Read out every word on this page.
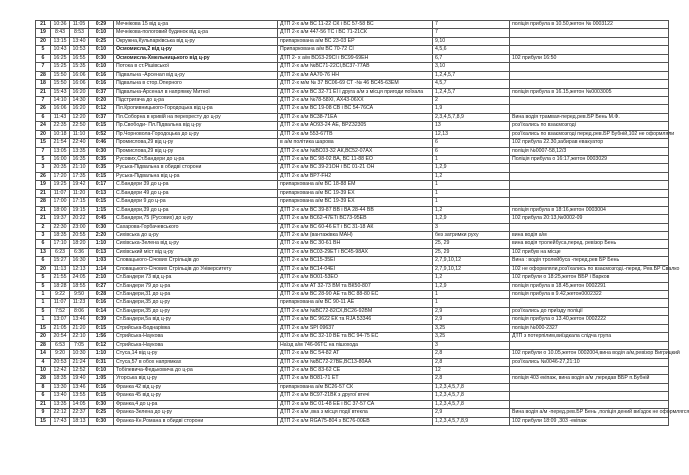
21	10:36	11:05	0:29	Мечнікова 15 від ц-ра	ДТП 2-х а/м ВС 11-22 СК і ВС 57-58 ВС	7	поліція прибула в 10.50,жетон № 0003122
19	8:43	8:53	0:10	Мечнікова-пологовий будинок від ц-ра	ДТП 2-х а/м 447-56 ТС і ВС 71-21СК	7	
20	13:15	13:40	0:25	Окружна,Кульпарківська від ц-ру	припаркована а/м ВС 23-03 ЕР	9,10	
5	10:43	10:53	0:10	Осмомисла,2 від ц-ру	Припаркована а/м ВС 70-72 СІ	4,5,6	
6	16:25	16:55	0:30	Осмомисла-Хмельницького від ц-ру	ДТП 2- х а/м ВС63-29СІ і ВС99-69ЕН	6,7	102 прибули 16:50
7	15:25	15:35	0:10	Потока в ст.Рішівської	ДТП 2-х а/м №ВС71-22СІ,ВС37-77АВ	3,10	
28	15:50	16:06	0:16	Підвальна -Арсенал від ц-ру	ДТП 2-х а/м АА70-76 НН	1,2,4,5,7	
18	15:50	16:06	0:16	Підвальна в стор.Оперного	ДТП 2-х м/м № 37 ВС06-69 СТ -№ 46 ВС45-63ЕМ	4,5,7	
21	15:43	16:20	0:37	Підвальна-Арсенал в напрямку Митної	ДТП 2-х а/м ВС 32-71 ЕІ і друга а/м з місця пригоди поїхала	1,2,4,5,7	поліція прибула в 16.15,жетон №0003005
7	14:10	14:30	0:20	Підстригача до ц-ра	ДТП 2-х а/м №78-58ХІ, АХ43-06ХХ	2	
26	16:06	16:20	0:12	Пл.Кропивницького-Городоцька від ц-ра	ДТП 2-х а/м ВС 19-08 СВ і ВС 54-76СА	1,9	
6	11:43	12:20	0:37	Пл.Соборна в кривій на перехресту до ц-ру	ДТП 2-х а/м ВС38-71ЕА	2,3,4,5,7,8,9	Вина водія трамвая-перед.рев.БР Бень М.Ф.
24	22:35	22:50	0:15	Пр.Свободи- Пл.Підвальна від ц-ру	ДТП 2-х а/м АО93-24 АЕ, ВРZ32305	13	роз'їхались по взаємозгоді
20	10:18	11:10	0:52	Пр.Чорновола-Городоцька до ц-ру	ДТП 2-х а/м 553-67ТВ	12,13	роз'їхались по взаємозгоді перед.рев.БР Бубній,102 не оформляли
15	21:54	22:40	0:46	Промислова,29 від ц-ру	в а/м політика шарова	6	102 прибула 22.30,забирав евакуатор
7	13:05	13:35	0:30	Промислова,29 від ц-ру	ДТП 2-х а/м №ВС03-32 АК,ВС52-07АХ	6	поліція №0007-58,12/3
5	16:00	16:35	0:35	Русових,Ст.Бандери до ц-ра	ДТП 2-х а/м ВС 98-02 ВА, ВС 11-88 ЕО	1	Поліція прибула о 16:17,жетон 0003029
3	20:35	21:10	0:35	Руська-Підвальна в обидві сторони	ДТП 2-х а/м ВС 39-21ОН і ВС 01-21 ОН	1,2,9	
26	17:20	17:35	0:15	Руська-Підвальна від ц-ра	ДТП 2-х а/м ВР7-FH2	1,2	
19	19:25	19:42	0:17	С.Бандери 39 до ц-ра	припаркована а/м ВС 18-88 ЕМ	1	
21	11:07	11:20	0:13	С.Бандери 49 до ц-ра	припаркована а/м ВС 19-39 ЕХ	1	
28	17:00	17:15	0:15	С.Бандери 9 до ц-ра	припаркована а/м ВС 19-39 ЕХ	1	
21	18:00	19:15	1:15	С.Бандери,39 до ц-ра	ДТП 2-х а/м ВС 39-87 ВВ і ВА 28-44 ВВ	1,2	поліція прибула в 18:16,жетон 0003004
21	19:37	20:22	0:45	С.Бандери,75 (Русових) до ц-ру	ДТП 2-х а/м ВС62-47ЕТі ВС73-95ЕВ	1,2,9	102 прибула 20:13,№0002-09
2	22:30	23:00	0:30	Сахарова-Горбачевського	ДТП 2-х а/м ВС 60-46 ЕТ і ВС 31-18 АК	3	
3	18:35	20:55	2:20	Сихівська до ц-ру	ДТП 2-х а/м (вантажівка МАН)	без затримки руху	вина водія а/м
6	17:10	18:20	1:10	Сихівська-Зелена від ц-ру	ДТП 2-х а/м ВС 30-61 ВН	25, 29	вина водія тролейбуса,перед. ревізор Бень
13	6:23	6:36	0:13	Сихівський міст від ц-ру	ДТП 2-х а/м ВС03-29ЕТ і ВС45-98АХ	25, 29	102 прибув на місце
6	15:27	16:30	1:03	Словацького-Січових Стрільців до	ДТП 2-х а/м ВС15-35ЕІ	2,7,9,10,12	Вина : водія тролейбуса -перед.рев БР Бень
20	11:13	12:13	1:14	Словацького-Січових Стрільців до Університету	ДТП 2-х а/м ВС14-04ЕІ	2,7,9,10,12	102 не оформляли,роз'їхались по взаємозгоді.-перед. Рев.БР Свалко
5	21:55	24:05	2:10	Ст.Бандери 73 від ц-ра	ДТП 2-х а/м ВО01-53ЕО	1,2	102 прибули о 18:25,жетон ВБР і Варков
5	18:28	18:55	0:27	Ст.Бандери 79 до ц-ра	ДТП 2-х а/м АТ 32-73 ВМ та ВК50-807	1,2,9	поліція прибула в 18.45,жетон 0002291
1	9:22	9:50	0:28	Ст.Бандери,31 до ц-ра	ДТП 2-х а/м ВС 28-90 АЕ та ВС 88-80 ЕС	1	поліція прибула в 9.42,жетон0002322
1	11:07	11:23	0:16	Ст.Бандери,35 до ц-ру	припаркована а/м ВС 90-11 АЕ	1	
5	7:52	8:06	0:14	Ст.Бандери,35 до ц-ру	ДТП 2-х а/м №ВС72-82СХ,ВС26-92ВМ	2,9	роз'їхались до приїзду поліції
1	13:07	13:46	0:39	Ст.Бандери,5а від ц-ру	ДТП 2-х а/м ВС 9622 ЕК та RJA 53346	2,9	поліція прибула о 13.40,жетон 0002222
15	21:05	21:20	0:15	Стрийська-Боднарівка	ДТП 2-х а/м SРІ 09637	3,25	поліція №000-2327
20	20:54	22:10	1:56	Стрийська-Наукова	ДТП 2-х а/м ВС 32-10 ВЕ та ВС 94-75 ЕС	3,25	ДТП з потерпілим,виїздкала слідча група
28	6:53	7:05	0:12	Стрийська-Наукова	Наїзд а/м 746-06ТС на пішохода	3	
14	9:20	10:30	1:10	Стуса,14 від ц-ру	ДТП 2-х а/м ВС 54-82 АТ	2,8	102 прибули о 10.05,жетон 0002004,вина водія а/м,ревізор Вигрицкий
4	20:53	21:24	0:31	Стуса,57 в обох напрямках	ДТП 2-х а/м №ВС72-27ВЕ,ВС13-80АА	2,8	роз'їхались №0046-27,21:10
10	12:42	12:52	0:10	Тобілевича-Федьковича до ц-ра	ДТП 2-х а/м ВС 83-62 СЕ	12	
28	18:35	19:40	1:05	Угорська від ц-ру	ДТП 2-х а/м ВО81-71 ЕТ	2,8	поліція 403 екіпаж, вина водія а/м ,передав ВБР п.Бубній
8	13:30	13:46	0:16	Франка 42 від ц-ру	припаркована а/м ВС26-57 СК	1,2,3,4,5,7,8	
6	13:40	13:55	0:15	Франка 45 від ц-ру	ДТП 2-х а/м ВС97-21ВК з другої втечі	1,2,3,4,5,7,8	
21	13:35	14:05	0:30	Франка,4 до ц-ра	ДТП 2-х а/м ВС 01-48 ЕЕ і ВС 37-57 СА	1,2,3,4,5,7,8	
9	22:12	22:37	0:25	Франка-Зелена до ц-ру	ДТП 2-х а/м ,вка з місця події втекла	2,9	Вина водія а/м -перед.рев.БР Бень ,поліція дений виїздок не оформлягся
15	17:43	18:13	0:30	Франка-Кн.Романа в обидві сторони	ДТП 2-х а/м RGA75-804 з ВС76-00ЕВ	1,2,3,4,5,7,8,9	102 прибули 18:09 ,303 -екіпаж
